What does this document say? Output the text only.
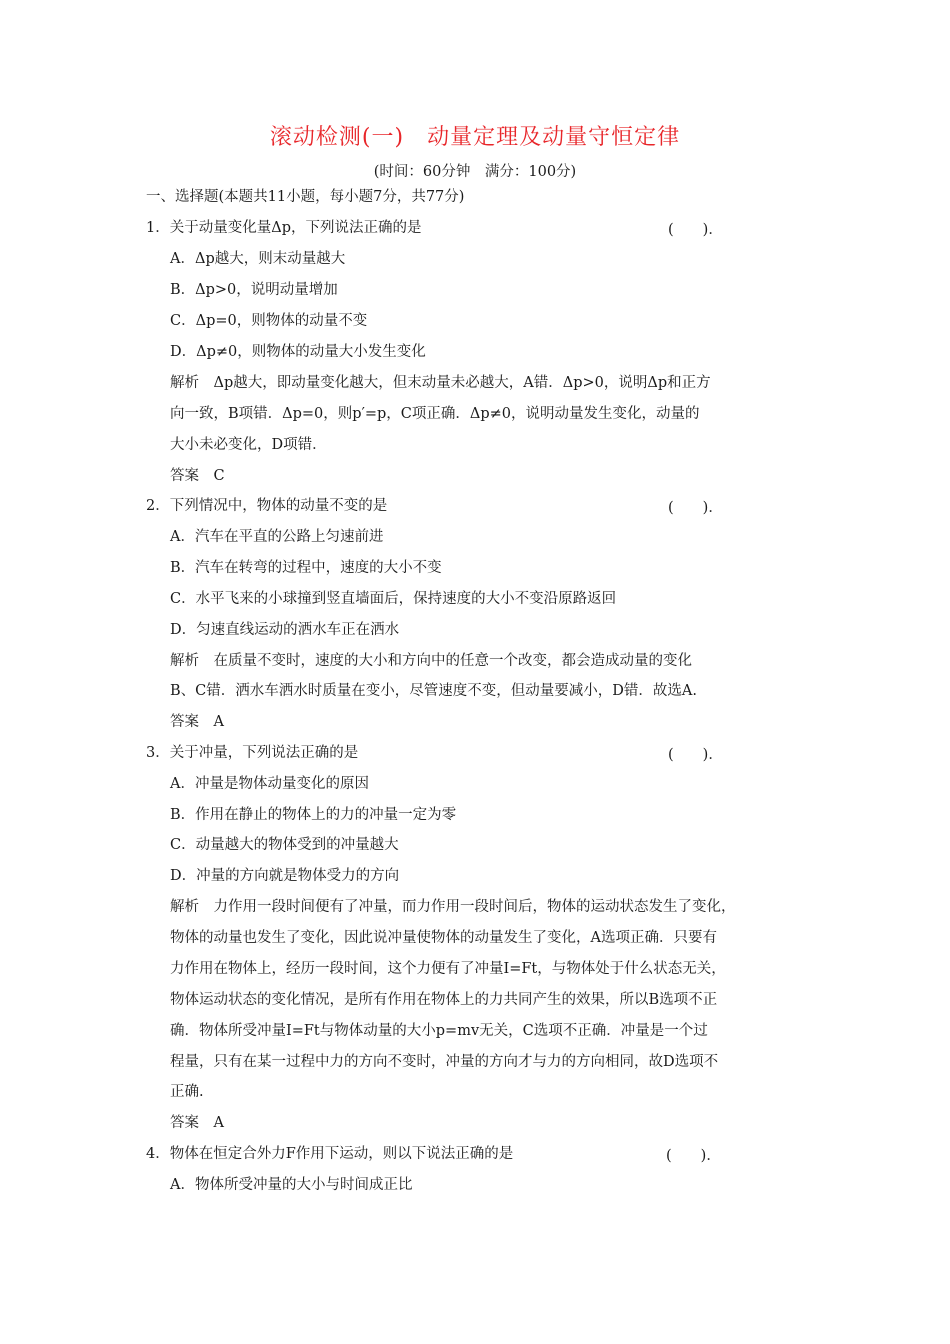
滚动检测(一)　动量定理及动量守恒定律
(时间：60分钟　满分：100分)
一、选择题(本题共11小题，每小题7分，共77分)
1．关于动量变化量Δp，下列说法正确的是	(　　)．
A．Δp越大，则末动量越大
B．Δp>0，说明动量增加
C．Δp=0，则物体的动量不变
D．Δp≠0，则物体的动量大小发生变化
解析　Δp越大，即动量变化越大，但末动量未必越大，A错．Δp>0，说明Δp和正方
向一致，B项错．Δp=0，则p′=p，C项正确．Δp≠0，说明动量发生变化，动量的
大小未必变化，D项错．
答案　C
2．下列情况中，物体的动量不变的是	(　　)．
A．汽车在平直的公路上匀速前进
B．汽车在转弯的过程中，速度的大小不变
C．水平飞来的小球撞到竖直墙面后，保持速度的大小不变沿原路返回
D．匀速直线运动的洒水车正在洒水
解析　在质量不变时，速度的大小和方向中的任意一个改变，都会造成动量的变化
B、C错．洒水车洒水时质量在变小，尽管速度不变，但动量要减小，D错．故选A.
答案　A
3．关于冲量，下列说法正确的是	(　　)．
A．冲量是物体动量变化的原因
B．作用在静止的物体上的力的冲量一定为零
C．动量越大的物体受到的冲量越大
D．冲量的方向就是物体受力的方向
解析　力作用一段时间便有了冲量，而力作用一段时间后，物体的运动状态发生了变化，
物体的动量也发生了变化，因此说冲量使物体的动量发生了变化，A选项正确．只要有
力作用在物体上，经历一段时间，这个力便有了冲量I=Ft，与物体处于什么状态无关，
物体运动状态的变化情况，是所有作用在物体上的力共同产生的效果，所以B选项不正
确．物体所受冲量I=Ft与物体动量的大小p=mv无关，C选项不正确．冲量是一个过
程量，只有在某一过程中力的方向不变时，冲量的方向才与力的方向相同，故D选项不
正确.
答案　A
4．物体在恒定合外力F作用下运动，则以下说法正确的是	(　　)．
A．物体所受冲量的大小与时间成正比
